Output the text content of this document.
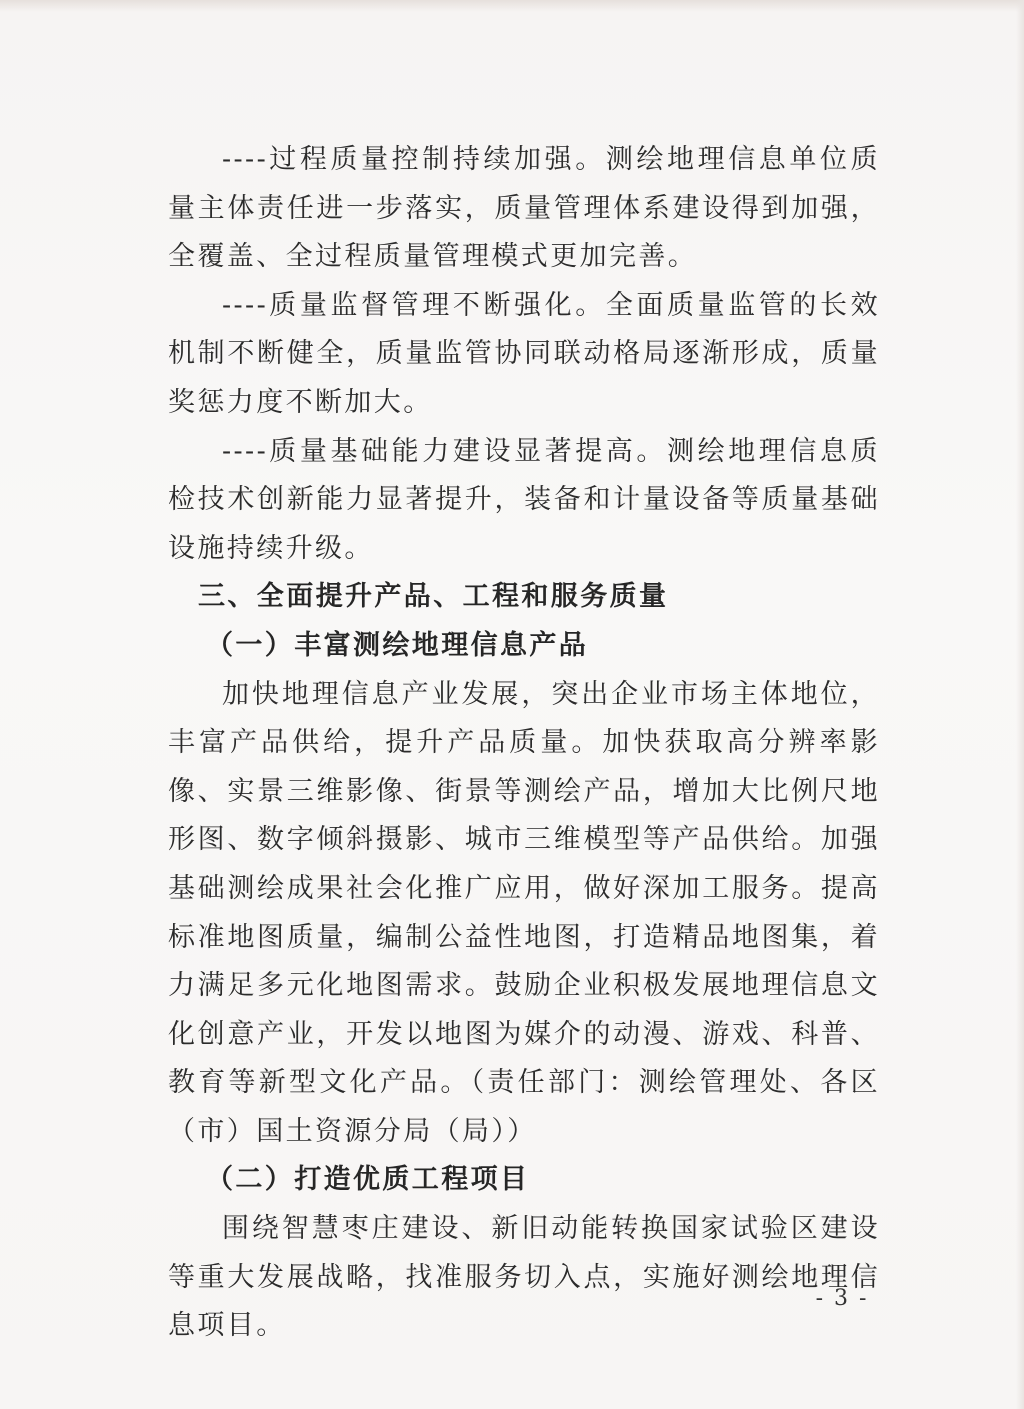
----过程质量控制持续加强。测绘地理信息单位质量主体责任进一步落实，质量管理体系建设得到加强，全覆盖、全过程质量管理模式更加完善。

----质量监督管理不断强化。全面质量监管的长效机制不断健全，质量监管协同联动格局逐渐形成，质量奖惩力度不断加大。

----质量基础能力建设显著提高。测绘地理信息质检技术创新能力显著提升，装备和计量设备等质量基础设施持续升级。

三、全面提升产品、工程和服务质量
（一）丰富测绘地理信息产品

加快地理信息产业发展，突出企业市场主体地位，丰富产品供给，提升产品质量。加快获取高分辨率影像、实景三维影像、街景等测绘产品，增加大比例尺地形图、数字倾斜摄影、城市三维模型等产品供给。加强基础测绘成果社会化推广应用，做好深加工服务。提高标准地图质量，编制公益性地图，打造精品地图集，着力满足多元化地图需求。鼓励企业积极发展地理信息文化创意产业，开发以地图为媒介的动漫、游戏、科普、教育等新型文化产品。（责任部门：测绘管理处、各区（市）国土资源分局（局））

（二）打造优质工程项目

围绕智慧枣庄建设、新旧动能转换国家试验区建设等重大发展战略，找准服务切入点，实施好测绘地理信息项目。

- 3 -
